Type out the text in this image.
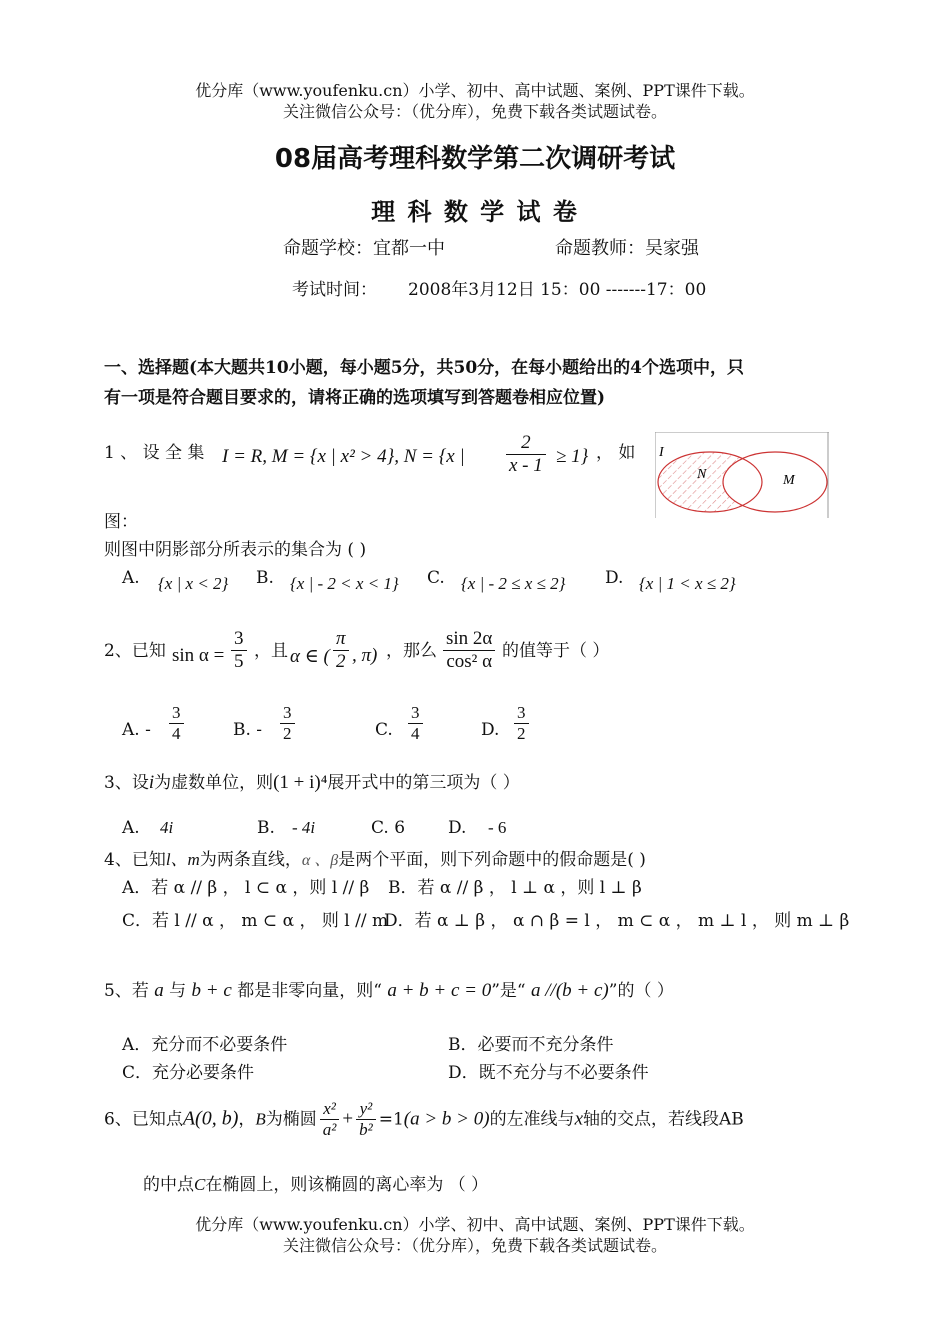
优分库（www.youfenku.cn）小学、初中、高中试题、案例、PPT课件下载。
关注微信公众号：（优分库），免费下载各类试题试卷。
08届高考理科数学第二次调研考试
理 科 数 学 试 卷
命题学校：宜都一中	命题教师：吴家强
考试时间： 2008年3月12日 15：00 -------17：00
一、选择题(本大题共10小题，每小题5分，共50分，在每小题给出的4个选项中，只
有一项是符合题目要求的，请将正确的选项填写到答题卷相应位置)
1 、 设 全 集 I = R, M = {x | x² > 4}, N = {x | $\frac{2}{x - 1} \ge 1$} ， 如 I
N	M
图：
则图中阴影部分所表示的集合为 ( )
A. {x | x < 2} B. {x | - 2 < x < 1} C. {x | - 2 ≤ x ≤ 2} D. {x | 1 < x ≤ 2}
2、已知 $\sin \alpha = \frac{3}{5}$ ，且 α ∈ ( $\frac{\pi}{2}$ , π) ，那么 $\frac{\sin 2\alpha}{\text{cos² α}}$ 的值等于（ ）
A. - $\frac{3}{4}$	B. - $\frac{3}{2}$	C. $\frac{3}{4}$	D. $\frac{3}{2}$
3、设i为虚数单位，则(1 + i)⁴展开式中的第三项为（ ）
A. 4i	B. - 4i	C. 6	D. - 6
4、已知l、m为两条直线，α 、β是两个平面，则下列命题中的假命题是( )
A．若 α // β ， l ⊂ α ，则 l // β B．若 α // β ， l ⊥ α ，则 l ⊥ β
C．若 l // α ， m ⊂ α ， 则 l // m
D．若 α ⊥ β ， α ∩ β = l ， m ⊂ α ， m ⊥ l ， 则 m ⊥ β
5、若 a 与 b + c 都是非零向量，则“ a + b + c = 0”是“ a //(b + c)”的（ ）
A．充分而不必要条件	B．必要而不充分条件
C．充分必要条件	D．既不充分与不必要条件
6、已知点A(0, b)，B为椭圆 $\frac{\text{x²}}{\text{a²}} + \frac{\text{y²}}{\text{b²}} =1(a > b > 0)$的左准线与x轴的交点，若线段AB
的中点C在椭圆上，则该椭圆的离心率为 （ ）
优分库（www.youfenku.cn）小学、初中、高中试题、案例、PPT课件下载。
关注微信公众号：（优分库），免费下载各类试题试卷。
